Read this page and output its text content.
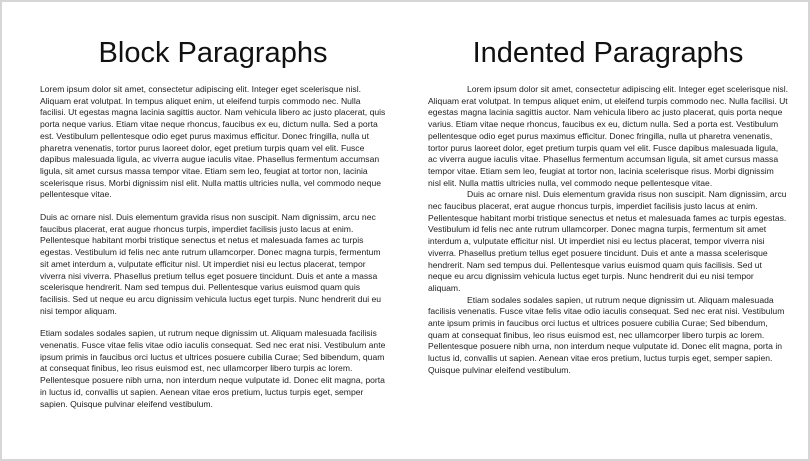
Block Paragraphs

Lorem ipsum dolor sit amet, consectetur adipiscing elit. Integer eget scelerisque nisl. Aliquam erat volutpat. In tempus aliquet enim, ut eleifend turpis commodo nec. Nulla facilisi. Ut egestas magna lacinia sagittis auctor. Nam vehicula libero ac justo placerat, quis porta neque varius. Etiam vitae neque rhoncus, faucibus ex eu, dictum nulla. Sed a porta est. Vestibulum pellentesque odio eget purus maximus efficitur. Donec fringilla, nulla ut pharetra venenatis, tortor purus laoreet dolor, eget pretium turpis quam vel elit. Fusce dapibus malesuada ligula, ac viverra augue iaculis vitae. Phasellus fermentum accumsan ligula, sit amet cursus massa tempor vitae. Etiam sem leo, feugiat at tortor non, lacinia scelerisque risus. Morbi dignissim nisl elit. Nulla mattis ultricies nulla, vel commodo neque pellentesque vitae.

Duis ac ornare nisl. Duis elementum gravida risus non suscipit. Nam dignissim, arcu nec faucibus placerat, erat augue rhoncus turpis, imperdiet facilisis justo lacus at enim. Pellentesque habitant morbi tristique senectus et netus et malesuada fames ac turpis egestas. Vestibulum id felis nec ante rutrum ullamcorper. Donec magna turpis, fermentum sit amet interdum a, vulputate efficitur nisl. Ut imperdiet nisi eu lectus placerat, tempor viverra nisi viverra. Phasellus pretium tellus eget posuere tincidunt. Duis et ante a massa scelerisque hendrerit. Nam sed tempus dui. Pellentesque varius euismod quam quis facilisis. Sed ut neque eu arcu dignissim vehicula luctus eget turpis. Nunc hendrerit dui eu nisi tempor aliquam.

Etiam sodales sodales sapien, ut rutrum neque dignissim ut. Aliquam malesuada facilisis venenatis. Fusce vitae felis vitae odio iaculis consequat. Sed nec erat nisi. Vestibulum ante ipsum primis in faucibus orci luctus et ultrices posuere cubilia Curae; Sed bibendum, quam at consequat finibus, leo risus euismod est, nec ullamcorper libero turpis ac lorem. Pellentesque posuere nibh urna, non interdum neque vulputate id. Donec elit magna, porta in luctus id, convallis ut sapien. Aenean vitae eros pretium, luctus turpis eget, semper sapien. Quisque pulvinar eleifend vestibulum.

Indented Paragraphs

Lorem ipsum dolor sit amet, consectetur adipiscing elit. Integer eget scelerisque nisl. Aliquam erat volutpat. In tempus aliquet enim, ut eleifend turpis commodo nec. Nulla facilisi. Ut egestas magna lacinia sagittis auctor. Nam vehicula libero ac justo placerat, quis porta neque varius. Etiam vitae neque rhoncus, faucibus ex eu, dictum nulla. Sed a porta est. Vestibulum pellentesque odio eget purus maximus efficitur. Donec fringilla, nulla ut pharetra venenatis, tortor purus laoreet dolor, eget pretium turpis quam vel elit. Fusce dapibus malesuada ligula, ac viverra augue iaculis vitae. Phasellus fermentum accumsan ligula, sit amet cursus massa tempor vitae. Etiam sem leo, feugiat at tortor non, lacinia scelerisque risus. Morbi dignissim nisl elit. Nulla mattis ultricies nulla, vel commodo neque pellentesque vitae.

Duis ac ornare nisl. Duis elementum gravida risus non suscipit. Nam dignissim, arcu nec faucibus placerat, erat augue rhoncus turpis, imperdiet facilisis justo lacus at enim. Pellentesque habitant morbi tristique senectus et netus et malesuada fames ac turpis egestas. Vestibulum id felis nec ante rutrum ullamcorper. Donec magna turpis, fermentum sit amet interdum a, vulputate efficitur nisl. Ut imperdiet nisi eu lectus placerat, tempor viverra nisi viverra. Phasellus pretium tellus eget posuere tincidunt. Duis et ante a massa scelerisque hendrerit. Nam sed tempus dui. Pellentesque varius euismod quam quis facilisis. Sed ut neque eu arcu dignissim vehicula luctus eget turpis. Nunc hendrerit dui eu nisi tempor aliquam.

Etiam sodales sodales sapien, ut rutrum neque dignissim ut. Aliquam malesuada facilisis venenatis. Fusce vitae felis vitae odio iaculis consequat. Sed nec erat nisi. Vestibulum ante ipsum primis in faucibus orci luctus et ultrices posuere cubilia Curae; Sed bibendum, quam at consequat finibus, leo risus euismod est, nec ullamcorper libero turpis ac lorem. Pellentesque posuere nibh urna, non interdum neque vulputate id. Donec elit magna, porta in luctus id, convallis ut sapien. Aenean vitae eros pretium, luctus turpis eget, semper sapien. Quisque pulvinar eleifend vestibulum.
